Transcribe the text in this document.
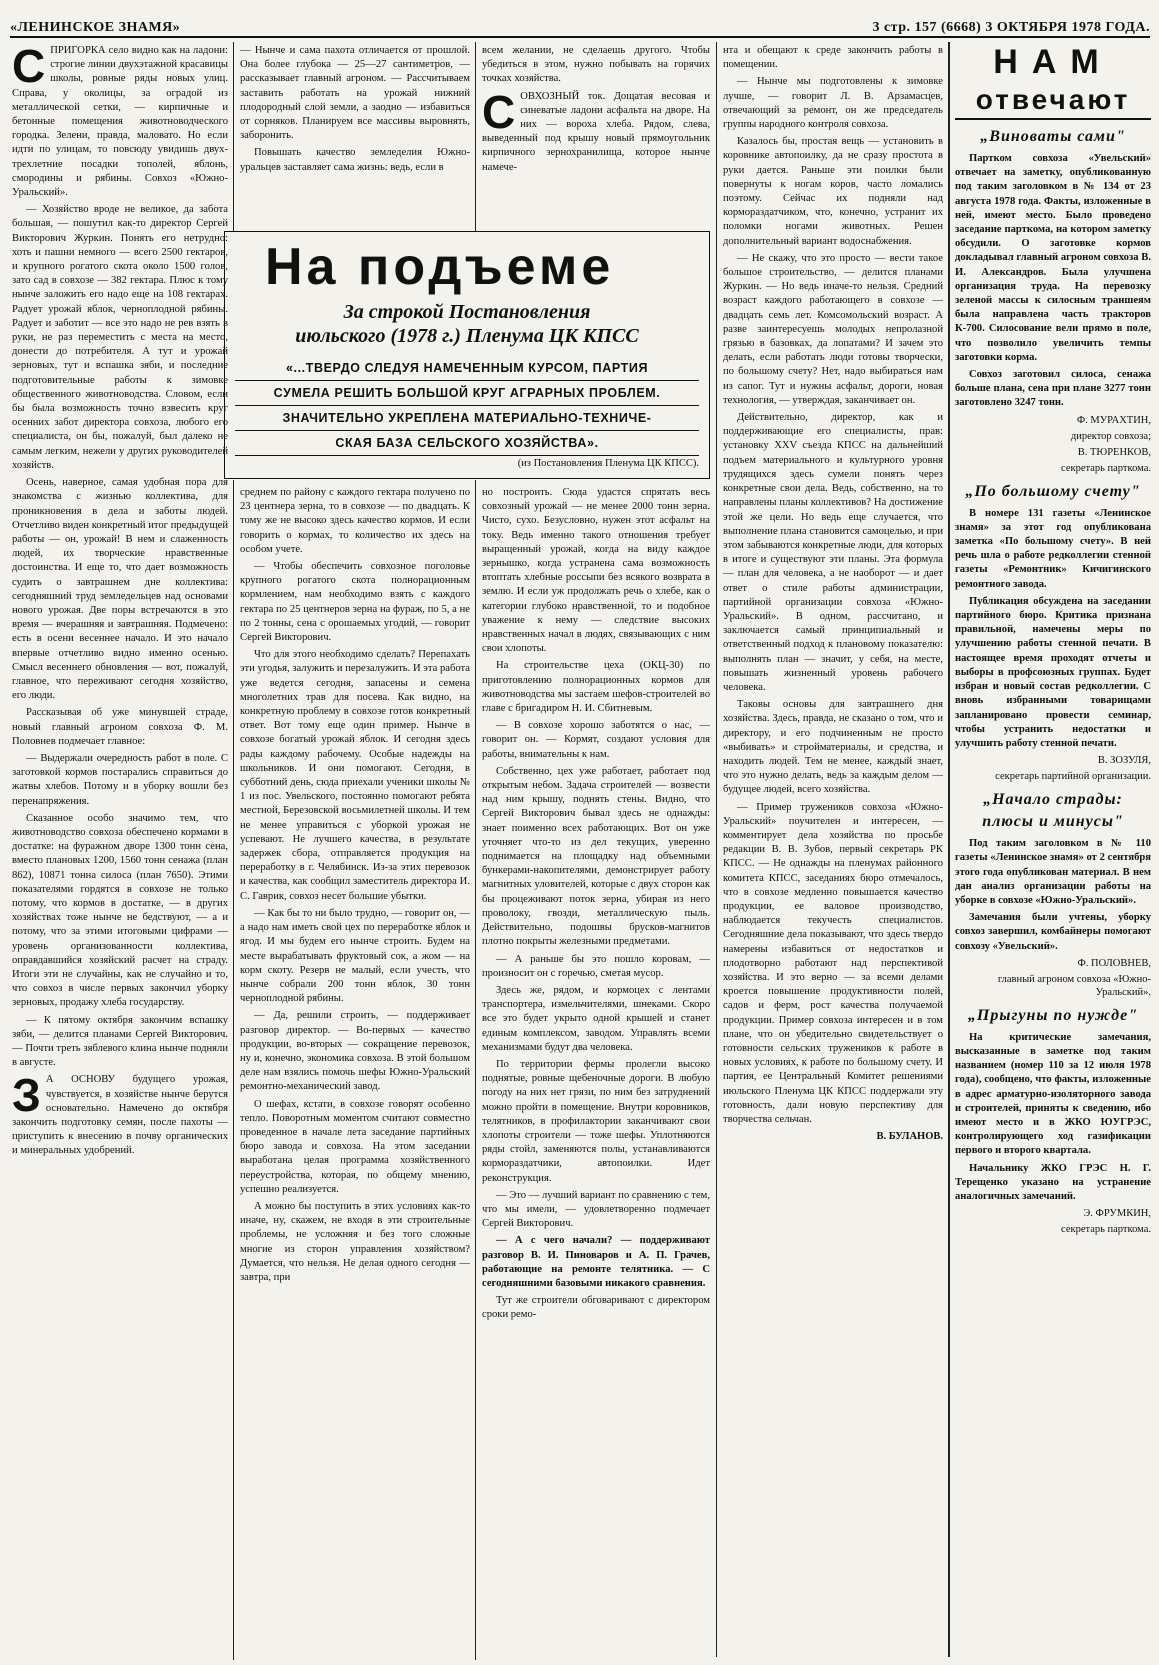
«ЛЕНИНСКОЕ ЗНАМЯ»	3 стр. 157 (6668) 3 ОКТЯБРЯ 1978 ГОДА.

СПРИГОРКА село видно как на ладони: строгие линии двухэтажной красавицы школы, ровные ряды новых улиц. Справа, у околицы, за оградой из металлической сетки, — кирпичные и бетонные помещения животноводческого городка. Зелени, правда, маловато. Но если идти по улицам, то повсюду увидишь двух-трехлетние посадки тополей, яблонь, смородины и рябины. Совхоз «Южно-Уральский».

— Хозяйство вроде не великое, да забота большая, — пошутил как-то директор Сергей Викторович Журкин. Понять его нетрудно: хоть и пашни немного — всего 2500 гектаров, и крупного рогатого скота около 1500 голов, зато сад в совхозе — 382 гектара. Плюс к тому нынче заложить его надо еще на 108 гектарах. Радует урожай яблок, черноплодной рябины. Радует и заботит — все это надо не рев взять в руки, не раз переместить с места на место, донести до потребителя. А тут и урожай зерновых, тут и вспашка зяби, и последние подготовительные работы к зимовке общественного животноводства. Словом, если бы была возможность точно взвесить круг осенних забот директора совхоза, любого его специалиста, он бы, пожалуй, был далеко не самым легким, нежели у других руководителей хозяйств.

Осень, наверное, самая удобная пора для знакомства с жизнью коллектива, для проникновения в дела и заботы людей. Отчетливо виден конкретный итог предыдущей работы — он, урожай! В нем и слаженность людей, их творческие нравственные достоинства. И еще то, что дает возможность судить о завтрашнем дне коллектива: сегодняшний труд земледельцев над основами нового урожая. Две поры встречаются в это время — вчерашняя и завтрашняя. Подмечено: есть в осени весеннее начало. И это начало впервые отчетливо видно именно осенью. Смысл весеннего обновления — вот, пожалуй, главное, что переживают сегодня хозяйство, его люди.

Рассказывая об уже минувшей страде, новый главный агроном совхоза Ф. М. Половнев подмечает главное:

— Выдержали очередность работ в поле. С заготовкой кормов постарались справиться до жатвы хлебов. Потому и в уборку вошли без перенапряжения.

Сказанное особо значимо тем, что животноводство совхоза обеспечено кормами в достатке: на фуражном дворе 1300 тонн сена, вместо плановых 1200, 1560 тонн сенажа (план 862), 10871 тонна силоса (план 7650). Этими показателями гордятся в совхозе не только потому, что кормов в достатке, — в других хозяйствах тоже нынче не бедствуют, — а и потому, что за этими итоговыми цифрами — уровень организованности коллектива, оправдавшийся хозяйский расчет на страду. Итоги эти не случайны, как не случайно и то, что совхоз в числе первых закончил уборку зерновых, продажу хлеба государству.

— К пятому октября закончим вспашку зяби, — делится планами Сергей Викторович. — Почти треть зяблевого клина нынче подняли в августе.

З А ОСНОВУ будущего урожая, чувствуется, в хозяйстве нынче берутся основательно. Намечено до октября закончить подготовку семян, после пахоты — приступить к внесению в почву органических и минеральных удобрений.

— Нынче и сама пахота отличается от прошлой. Она более глубока — 25—27 сантиметров, — рассказывает главный агроном. — Рассчитываем заставить работать на урожай нижний плодородный слой земли, а заодно — избавиться от сорняков. Планируем все массивы выровнять, заборонить.

Повышать качество земледелия Южно-уральцев заставляет сама жизнь: ведь, если в

всем желании, не сделаешь другого. Чтобы убедиться в этом, нужно побывать на горячих точках хозяйства.

СОВХОЗНЫЙ ток. Дощатая весовая и синеватые ладони асфальта на дворе. На них — вороха хлеба. Рядом, слева, выведенный под крышу новый прямоугольник кирпичного зернохранилища, которое нынче намече-

На подъеме
За строкой Постановления
июльского (1978 г.) Пленума ЦК КПСС
«...ТВЕРДО СЛЕДУЯ НАМЕЧЕННЫМ КУРСОМ, ПАРТИЯ
СУМЕЛА РЕШИТЬ БОЛЬШОЙ КРУГ АГРАРНЫХ ПРОБЛЕМ.
ЗНАЧИТЕЛЬНО УКРЕПЛЕНА МАТЕРИАЛЬНО-ТЕХНИЧЕ-
СКАЯ БАЗА СЕЛЬСКОГО ХОЗЯЙСТВА».
(из Постановления Пленума ЦК КПСС).

среднем по району с каждого гектара получено по 23 центнера зерна, то в совхозе — по двадцать. К тому же не высоко здесь качество кормов. И если говорить о кормах, то количество их здесь на особом учете.

— Чтобы обеспечить совхозное поголовье крупного рогатого скота полнорационным кормлением, нам необходимо взять с каждого гектара по 25 центнеров зерна на фураж, по 5, а не по 2 тонны, сена с орошаемых угодий, — говорит Сергей Викторович.

Что для этого необходимо сделать? Перепахать эти угодья, залужить и перезалужить. И эта работа уже ведется сегодня, запасены и семена многолетних трав для посева. Как видно, на конкретную проблему в совхозе готов конкретный ответ. Вот тому еще один пример. Нынче в совхозе богатый урожай яблок. И сегодня здесь рады каждому рабочему. Особые надежды на школьников. И они помогают. Сегодня, в субботний день, сюда приехали ученики школы № 1 из пос. Увельского, постоянно помогают ребята местной, Березовской восьмилетней школы. И тем не менее управиться с уборкой урожая не успевают. Не лучшего качества, в результате задержек сбора, отправляется продукция на переработку в г. Челябинск. Из-за этих перевозок и качества, как сообщил заместитель директора И. С. Гаврик, совхоз несет большие убытки.

— Как бы то ни было трудно, — говорит он, — а надо нам иметь свой цех по переработке яблок и ягод. И мы будем его нынче строить. Будем на месте вырабатывать фруктовый сок, а жом — на корм скоту. Резерв не малый, если учесть, что нынче собрали 200 тонн яблок, 30 тонн черноплодной рябины.

— Да, решили строить, — поддерживает разговор директор. — Во-первых — качество продукции, во-вторых — сокращение перевозок, ну и, конечно, экономика совхоза. В этой большом деле нам взялись помочь шефы Южно-Уральский ремонтно-механический завод.

О шефах, кстати, в совхозе говорят особенно тепло. Поворотным моментом считают совместно проведенное в начале лета заседание партийных бюро завода и совхоза. На этом заседании выработана целая программа хозяйственного переустройства, которая, по общему мнению, успешно реализуется.

А можно бы поступить в этих условиях как-то иначе, ну, скажем, не входя в эти строительные проблемы, не усложняя и без того сложные многие из сторон управления хозяйством? Думается, что нельзя. Не делая одного сегодня — завтра, при

но построить. Сюда удастся спрятать весь совхозный урожай — не менее 2000 тонн зерна. Чисто, сухо. Безусловно, нужен этот асфальт на току. Ведь именно такого отношения требует выращенный урожай, когда на виду каждое зернышко, когда устранена сама возможность втоптать хлебные россыпи без всякого возврата в землю. И если уж продолжать речь о хлебе, как о категории глубоко нравственной, то и подобное уважение к нему — следствие высоких нравственных начал в людях, связывающих с ним свои хлопоты.

На строительстве цеха (ОКЦ-30) по приготовлению полнорационных кормов для животноводства мы застаем шефов-строителей во главе с бригадиром Н. И. Сбитневым.

— В совхозе хорошо заботятся о нас, — говорит он. — Кормят, создают условия для работы, внимательны к нам.

Собственно, цех уже работает, работает под открытым небом. Задача строителей — возвести над ним крышу, поднять стены. Видно, что Сергей Викторович бывал здесь не однажды: знает поименно всех работающих. Вот он уже уточняет что-то из дел текущих, уверенно поднимается на площадку над объемными бункерами-накопителями, демонстрирует работу магнитных уловителей, которые с двух сторон как бы процеживают поток зерна, убирая из него проволоку, гвозди, металлическую пыль. Действительно, подошвы брусков-магнитов плотно покрыты железными предметами.

— А раньше бы это пошло коровам, — произносит он с горечью, сметая мусор.

Здесь же, рядом, и кормоцех с лентами транспортера, измельчителями, шнеками. Скоро все это будет укрыто одной крышей и станет единым комплексом, заводом. Управлять всеми механизмами будут два человека.

По территории фермы пролегли высоко поднятые, ровные щебеночные дороги. В любую погоду на них нет грязи, по ним без затруднений можно пройти в помещение. Внутри коровников, телятников, в профилактории заканчивают свои хлопоты строители — тоже шефы. Уплотняются ряды стойл, заменяются полы, устанавливаются кормораздатчики, автопоилки. Идет реконструкция.

— Это — лучший вариант по сравнению с тем, что мы имели, — удовлетворенно подмечает Сергей Викторович.

— А с чего начали? — поддерживают разговор В. И. Пиноваров и А. П. Грачев, работающие на ремонте телятника. — С сегодняшними базовыми никакого сравнения.

Тут же строители обговаривают с директором сроки ремо-

нта и обещают к среде закончить работы в помещении.

— Нынче мы подготовлены к зимовке лучше, — говорит Л. В. Арзамасцев, отвечающий за ремонт, он же председатель группы народного контроля совхоза.

Казалось бы, простая вещь — установить в коровнике автопоилку, да не сразу простота в руки дается. Раньше эти поилки были повернуты к ногам коров, часто ломались поэтому. Сейчас их подняли над кормораздатчиком, что, конечно, устранит их поломки ногами животных. Решен дополнительный вариант водоснабжения.

— Не скажу, что это просто — вести такое большое строительство, — делится планами Журкин. — Но ведь иначе-то нельзя. Средний возраст каждого работающего в совхозе — двадцать семь лет. Комсомольский возраст. А разве заинтересуешь молодых непролазной грязью в базовках, да лопатами? И зачем это делать, если работать люди готовы творчески, по большому счету? Нет, надо выбираться нам из сапог. Тут и нужны асфальт, дороги, новая технология, — утверждая, заканчивает он.

Действительно, директор, как и поддерживающие его специалисты, прав: установку XXV съезда КПСС на дальнейший подъем материального и культурного уровня трудящихся здесь сумели понять через конкретные свои дела. Ведь, собственно, на то направлены планы коллективов? На достижение этой же цели. Но ведь еще случается, что выполнение плана становится самоцелью, и при этом забываются конкретные люди, для которых в итоге и существуют эти планы. Эта формула — план для человека, а не наоборот — и дает ответ о стиле работы администрации, партийной организации совхоза «Южно-Уральский». В одном, рассчитано, и заключается самый принципиальный и ответственный подход к плановому показателю: выполнять план — значит, у себя, на месте, повышать жизненный уровень рабочего человека.

Таковы основы для завтрашнего дня хозяйства. Здесь, правда, не сказано о том, что и директору, и его подчиненным не просто «выбивать» и стройматериалы, и средства, и находить людей. Тем не менее, каждый знает, что это нужно делать, ведь за каждым делом — будущее людей, всего хозяйства.

— Пример тружеников совхоза «Южно-Уральский» поучителен и интересен, — комментирует дела хозяйства по просьбе редакции В. В. Зубов, первый секретарь РК КПСС. — Не однажды на пленумах районного комитета КПСС, заседаниях бюро отмечалось, что в совхозе медленно повышается качество продукции, ее валовое производство, наблюдается текучесть специалистов. Сегодняшние дела показывают, что здесь твердо намерены избавиться от недостатков и плодотворно работают над перспективой хозяйства. И это верно — за всеми делами кроется повышение продуктивности полей, садов и ферм, рост качества получаемой продукции. Пример совхоза интересен и в том плане, что он убедительно свидетельствует о готовности сельских тружеников к работе в новых условиях, к работе по большому счету. И партия, ее Центральный Комитет решениями июльского Пленума ЦК КПСС поддержали эту готовность, дали новую перспективу для творчества сельчан.

В. БУЛАНОВ.

НАМ
отвечают
„Виноваты сами"

Партком совхоза «Увельский» отвечает на заметку, опубликованную под таким заголовком в № 134 от 23 августа 1978 года. Факты, изложенные в ней, имеют место. Было проведено заседание парткома, на котором заметку обсудили. О заготовке кормов докладывал главный агроном совхоза В. И. Александров. Была улучшена организация труда. На перевозку зеленой массы к силосным траншеям была направлена часть тракторов К-700. Силосование вели прямо в поле, что позволило увеличить темпы заготовки корма.

Совхоз заготовил силоса, сенажа больше плана, сена при плане 3277 тонн заготовлено 3247 тонн.

Ф. МУРАХТИН,

директор совхоза;

В. ТЮРЕНКОВ,

секретарь парткома.

„По большому счету"

В номере 131 газеты «Ленинское знамя» за этот год опубликована заметка «По большому счету». В ней речь шла о работе редколлегии стенной газеты «Ремонтник» Кичигинского ремонтного завода.

Публикация обсуждена на заседании партийного бюро. Критика признана правильной, намечены меры по улучшению работы стенной печати. В настоящее время проходят отчеты и выборы в профсоюзных группах. Будет избран и новый состав редколлегии. С вновь избранными товарищами запланировано провести семинар, чтобы устранить недостатки и улучшить работу стенной печати.

В. ЗОЗУЛЯ,

секретарь партийной организации.

„Начало страды: плюсы и минусы"

Под таким заголовком в № 110 газеты «Ленинское знамя» от 2 сентября этого года опубликован материал. В нем дан анализ организации работы на уборке в совхозе «Южно-Уральский».

Замечания были учтены, уборку совхоз завершил, комбайнеры помогают совхозу «Увельский».

Ф. ПОЛОВНЕВ,

главный агроном совхоза «Южно-Уральский».

„Прыгуны по нужде"

На критические замечания, высказанные в заметке под таким названием (номер 110 за 12 июля 1978 года), сообщено, что факты, изложенные в адрес арматурно-изоляторного завода и строителей, приняты к сведению, ибо имеют место и в ЖКО ЮУГРЭС, контролирующего ход газификации первого и второго квартала.

Начальнику ЖКО ГРЭС Н. Г. Терещенко указано на устранение аналогичных замечаний.

Э. ФРУМКИН,

секретарь парткома.
